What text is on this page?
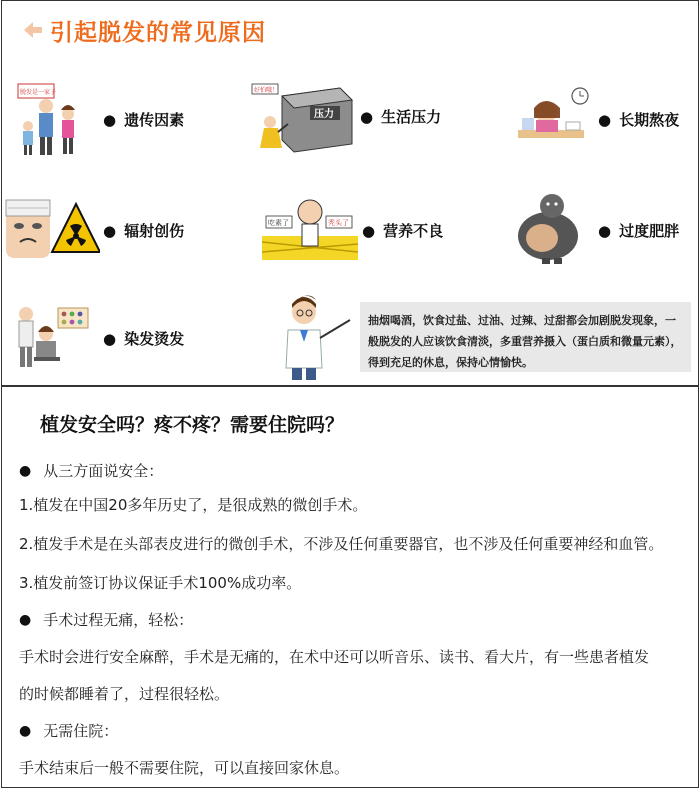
引起脱发的常见原因
脱发是一家子
● 遗传因素	压力
好怕哦！
● 生活压力	● 长期熬夜
● 辐射创伤	吃素了	秃头了 ● 营养不良	● 过度肥胖
● 染发烫发
抽烟喝酒，饮食过盐、过油、过辣、过甜都会加剧脱发现象，一般脱发的人应该饮食清淡，多重营养摄入（蛋白质和微量元素），得到充足的休息，保持心情愉快。
植发安全吗？疼不疼？需要住院吗？
● 从三方面说安全：
1.植发在中国20多年历史了，是很成熟的微创手术。
2.植发手术是在头部表皮进行的微创手术，不涉及任何重要器官，也不涉及任何重要神经和血管。
3.植发前签订协议保证手术100%成功率。
● 手术过程无痛，轻松：
手术时会进行安全麻醉，手术是无痛的，在术中还可以听音乐、读书、看大片，有一些患者植发
的时候都睡着了，过程很轻松。
● 无需住院：
手术结束后一般不需要住院，可以直接回家休息。
